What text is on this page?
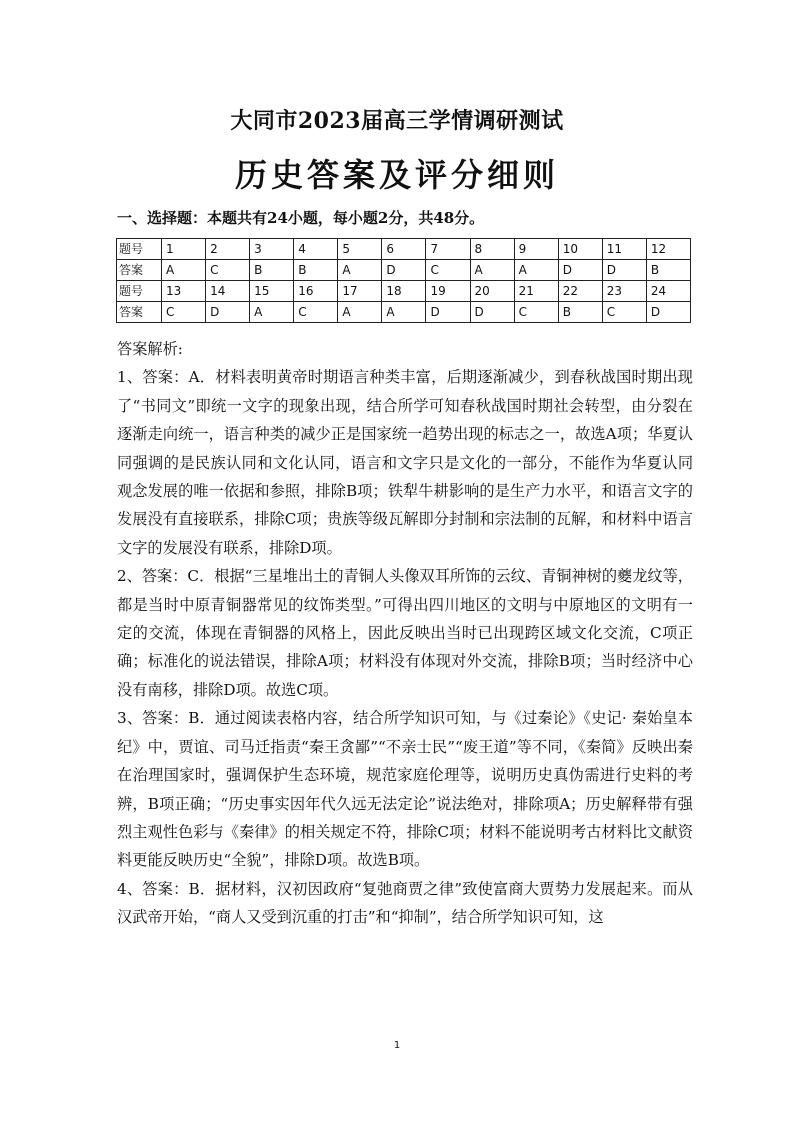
大同市2023届高三学情调研测试
历史答案及评分细则
一、选择题：本题共有24小题，每小题2分，共48分。
题号	1	2	3	4	5	6	7	8	9	10	11	12
答案	A	C	B	B	A	D	C	A	A	D	D	B
题号	13	14	15	16	17	18	19	20	21	22	23	24
答案	C	D	A	C	A	A	D	D	C	B	C	D

答案解析:

1、答案：A．材料表明黄帝时期语言种类丰富，后期逐渐减少，到春秋战国时期出现了“书同文”即统一文字的现象出现，结合所学可知春秋战国时期社会转型，由分裂在逐渐走向统一，语言种类的减少正是国家统一趋势出现的标志之一，故选A项；华夏认同强调的是民族认同和文化认同，语言和文字只是文化的一部分，不能作为华夏认同观念发展的唯一依据和参照，排除B项；铁犁牛耕影响的是生产力水平，和语言文字的发展没有直接联系，排除C项；贵族等级瓦解即分封制和宗法制的瓦解，和材料中语言文字的发展没有联系，排除D项。

2、答案：C．根据“三星堆出土的青铜人头像双耳所饰的云纹、青铜神树的夔龙纹等，都是当时中原青铜器常见的纹饰类型。”可得出四川地区的文明与中原地区的文明有一定的交流，体现在青铜器的风格上，因此反映出当时已出现跨区域文化交流，C项正确；标准化的说法错误，排除A项；材料没有体现对外交流，排除B项；当时经济中心没有南移，排除D项。故选C项。

3、答案：B．通过阅读表格内容，结合所学知识可知，与《过秦论》《史记· 秦始皇本纪》中，贾谊、司马迁指责“秦王贪鄙”“不亲士民”“废王道”等不同，《秦简》反映出秦在治理国家时，强调保护生态环境，规范家庭伦理等，说明历史真伪需进行史料的考辨，B项正确；“历史事实因年代久远无法定论”说法绝对，排除项A；历史解释带有强烈主观性色彩与《秦律》的相关规定不符，排除C项；材料不能说明考古材料比文献资料更能反映历史“全貌”，排除D项。故选B项。

4、答案：B．据材料，汉初因政府“复弛商贾之律”致使富商大贾势力发展起来。而从汉武帝开始，“商人又受到沉重的打击”和“抑制”，结合所学知识可知，这

1
